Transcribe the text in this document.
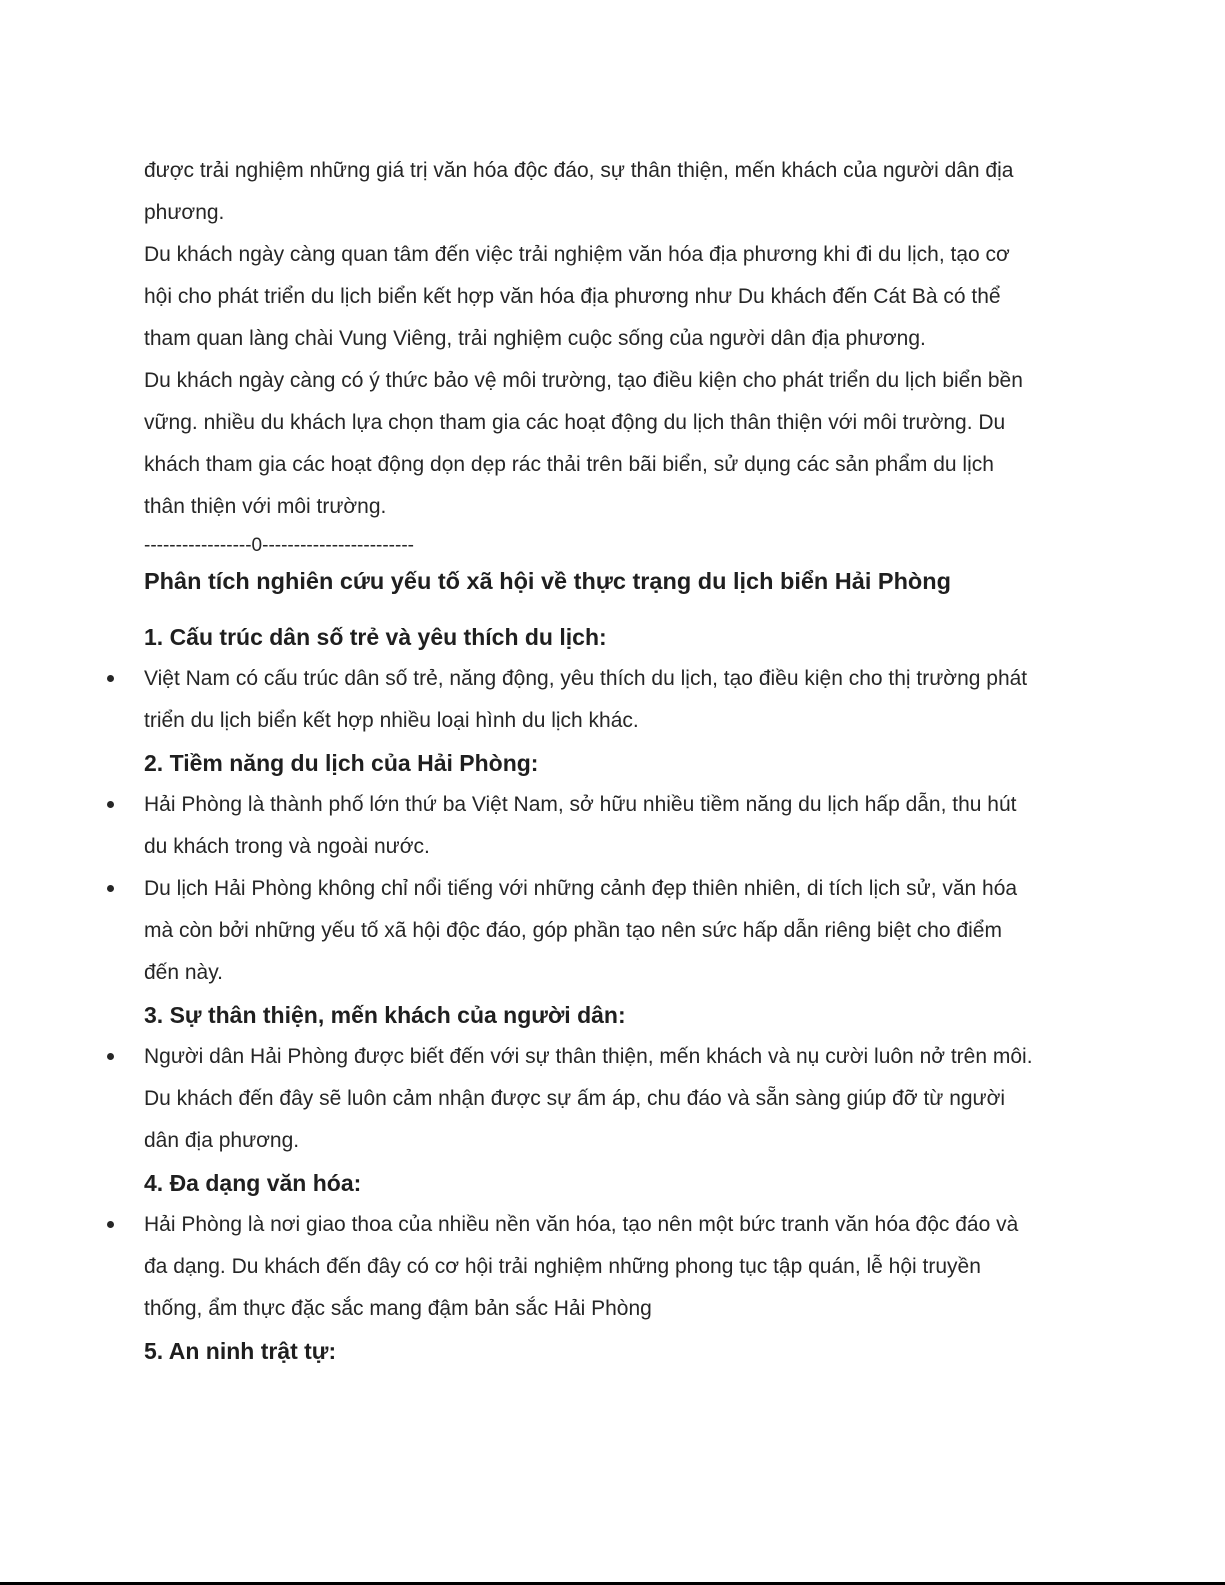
được trải nghiệm những giá trị văn hóa độc đáo, sự thân thiện, mến khách của người dân địa

phương.

Du khách ngày càng quan tâm đến việc trải nghiệm văn hóa địa phương khi đi du lịch, tạo cơ

hội cho phát triển du lịch biển kết hợp văn hóa địa phương như Du khách đến Cát Bà có thể

tham quan làng chài Vung Viêng, trải nghiệm cuộc sống của người dân địa phương.

Du khách ngày càng có ý thức bảo vệ môi trường, tạo điều kiện cho phát triển du lịch biển bền

vững. nhiều du khách lựa chọn tham gia các hoạt động du lịch thân thiện với môi trường. Du

khách tham gia các hoạt động dọn dẹp rác thải trên bãi biển, sử dụng các sản phẩm du lịch

thân thiện với môi trường.

-----------------0------------------------

Phân tích nghiên cứu yếu tố xã hội về thực trạng du lịch biển Hải Phòng
1. Cấu trúc dân số trẻ và yêu thích du lịch:

Việt Nam có cấu trúc dân số trẻ, năng động, yêu thích du lịch, tạo điều kiện cho thị trường phát

triển du lịch biển kết hợp nhiều loại hình du lịch khác.

2. Tiềm năng du lịch của Hải Phòng:

Hải Phòng là thành phố lớn thứ ba Việt Nam, sở hữu nhiều tiềm năng du lịch hấp dẫn, thu hút

du khách trong và ngoài nước.

Du lịch Hải Phòng không chỉ nổi tiếng với những cảnh đẹp thiên nhiên, di tích lịch sử, văn hóa

mà còn bởi những yếu tố xã hội độc đáo, góp phần tạo nên sức hấp dẫn riêng biệt cho điểm

đến này.

3. Sự thân thiện, mến khách của người dân:

Người dân Hải Phòng được biết đến với sự thân thiện, mến khách và nụ cười luôn nở trên môi.

Du khách đến đây sẽ luôn cảm nhận được sự ấm áp, chu đáo và sẵn sàng giúp đỡ từ người

dân địa phương.

4. Đa dạng văn hóa:

Hải Phòng là nơi giao thoa của nhiều nền văn hóa, tạo nên một bức tranh văn hóa độc đáo và

đa dạng. Du khách đến đây có cơ hội trải nghiệm những phong tục tập quán, lễ hội truyền

thống, ẩm thực đặc sắc mang đậm bản sắc Hải Phòng

5. An ninh trật tự:
